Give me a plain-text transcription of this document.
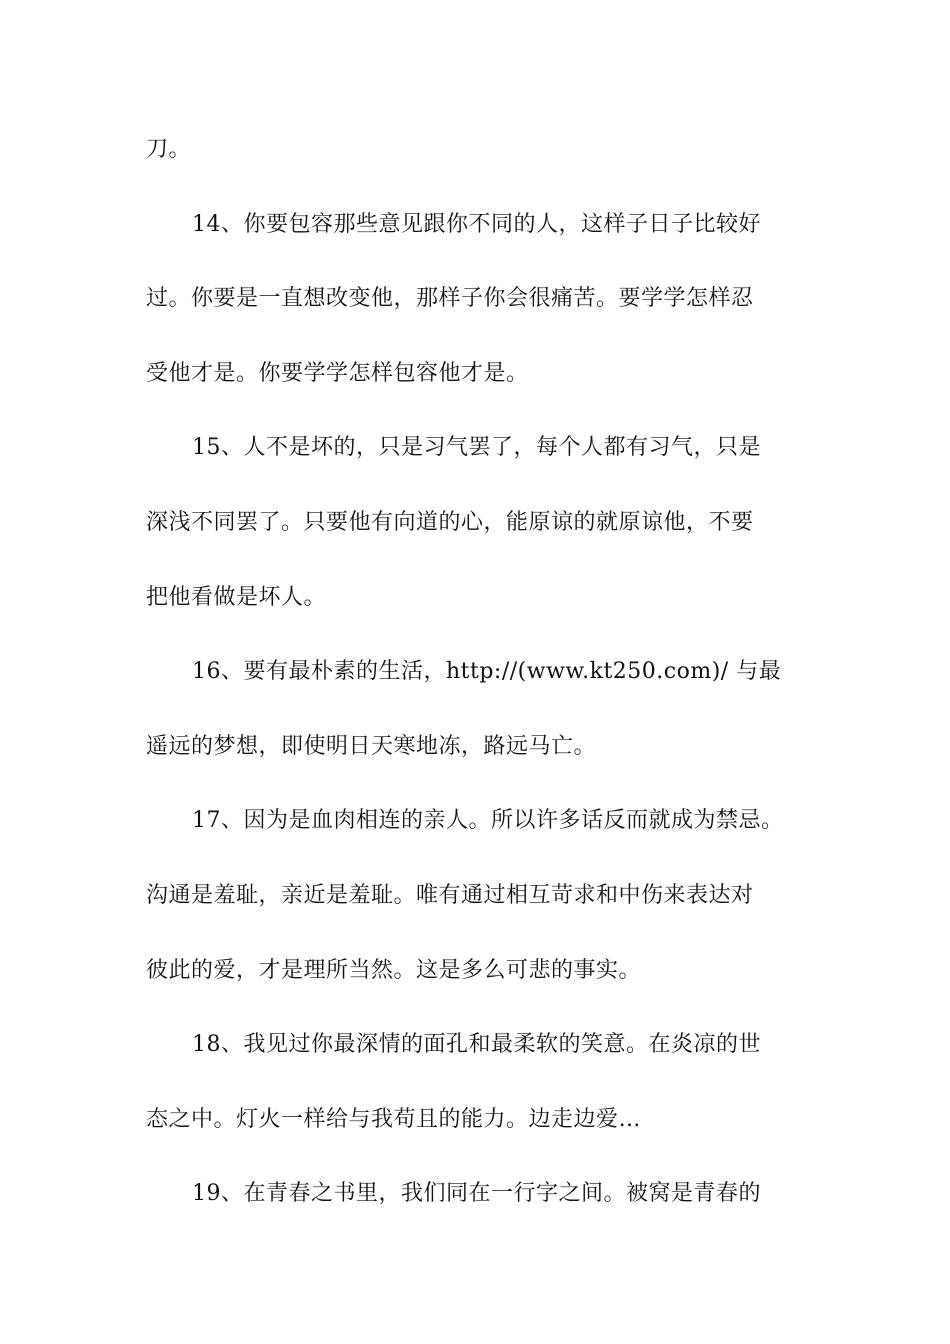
刀。
14、你要包容那些意见跟你不同的人，这样子日子比较好
过。你要是一直想改变他，那样子你会很痛苦。要学学怎样忍
受他才是。你要学学怎样包容他才是。
15、人不是坏的，只是习气罢了，每个人都有习气，只是
深浅不同罢了。只要他有向道的心，能原谅的就原谅他，不要
把他看做是坏人。
16、要有最朴素的生活，http://(www.kt250.com)/ 与最
遥远的梦想，即使明日天寒地冻，路远马亡。
17、因为是血肉相连的亲人。所以许多话反而就成为禁忌。
沟通是羞耻，亲近是羞耻。唯有通过相互苛求和中伤来表达对
彼此的爱，才是理所当然。这是多么可悲的事实。
18、我见过你最深情的面孔和最柔软的笑意。在炎凉的世
态之中。灯火一样给与我苟且的能力。边走边爱…
19、在青春之书里，我们同在一行字之间。被窝是青春的
